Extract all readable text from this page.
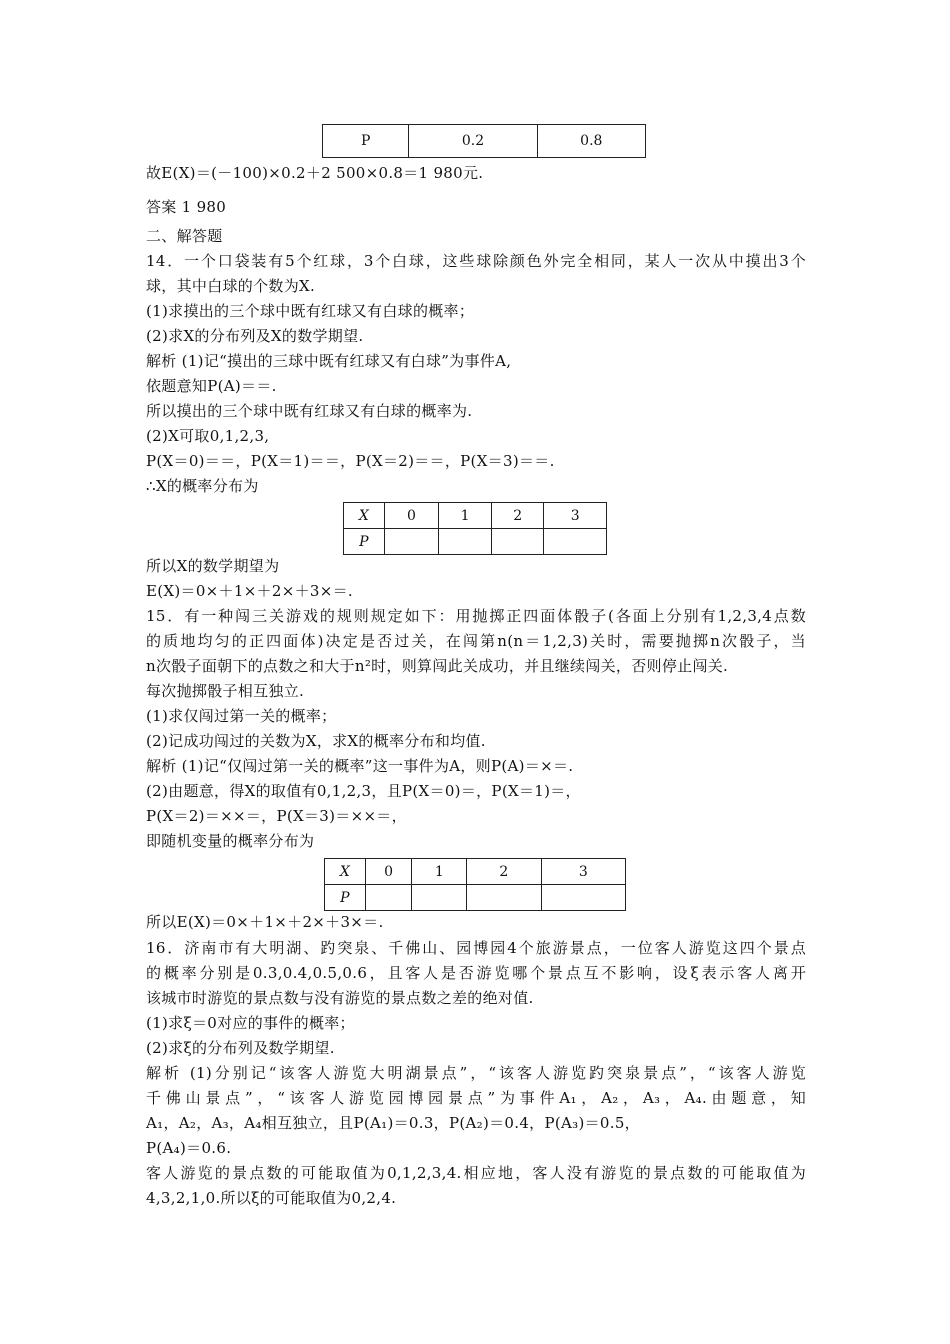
P	0.2	0.8
故E(X)＝(－100)×0.2＋2 500×0.8＝1 980元.
答案 1 980
二、解答题
14．一个口袋装有5个红球，3个白球，这些球除颜色外完全相同，某人一次从中摸出3个
球，其中白球的个数为X.
(1)求摸出的三个球中既有红球又有白球的概率；
(2)求X的分布列及X的数学期望.
解析 (1)记“摸出的三球中既有红球又有白球”为事件A,
依题意知P(A)＝＝.
所以摸出的三个球中既有红球又有白球的概率为.
(2)X可取0,1,2,3,
P(X＝0)＝＝，P(X＝1)＝＝，P(X＝2)＝＝，P(X＝3)＝＝.
∴X的概率分布为
X	0	1	2	3
P				
所以X的数学期望为
E(X)＝0×＋1×＋2×＋3×＝.
15．有一种闯三关游戏的规则规定如下：用抛掷正四面体骰子(各面上分别有1,2,3,4点数
的质地均匀的正四面体)决定是否过关，在闯第n(n＝1,2,3)关时，需要抛掷n次骰子，当
n次骰子面朝下的点数之和大于n²时，则算闯此关成功，并且继续闯关，否则停止闯关.
每次抛掷骰子相互独立.
(1)求仅闯过第一关的概率；
(2)记成功闯过的关数为X，求X的概率分布和均值.
解析 (1)记“仅闯过第一关的概率”这一事件为A，则P(A)＝×＝.
(2)由题意，得X的取值有0,1,2,3，且P(X＝0)＝，P(X＝1)＝，
P(X＝2)＝××＝，P(X＝3)＝××＝，
即随机变量的概率分布为
X	0	1	2	3
P				
所以E(X)＝0×＋1×＋2×＋3×＝.
16．济南市有大明湖、趵突泉、千佛山、园博园4个旅游景点，一位客人游览这四个景点
的概率分别是0.3,0.4,0.5,0.6，且客人是否游览哪个景点互不影响，设ξ表示客人离开
该城市时游览的景点数与没有游览的景点数之差的绝对值.
(1)求ξ＝0对应的事件的概率；
(2)求ξ的分布列及数学期望.
解析 (1)分别记“该客人游览大明湖景点”，“该客人游览趵突泉景点”，“该客人游览
千佛山景点”，“该客人游览园博园景点”为事件A₁，A₂，A₃，A₄.由题意，知
A₁，A₂，A₃，A₄相互独立，且P(A₁)＝0.3，P(A₂)＝0.4，P(A₃)＝0.5，
P(A₄)＝0.6.
客人游览的景点数的可能取值为0,1,2,3,4.相应地，客人没有游览的景点数的可能取值为
4,3,2,1,0.所以ξ的可能取值为0,2,4.
